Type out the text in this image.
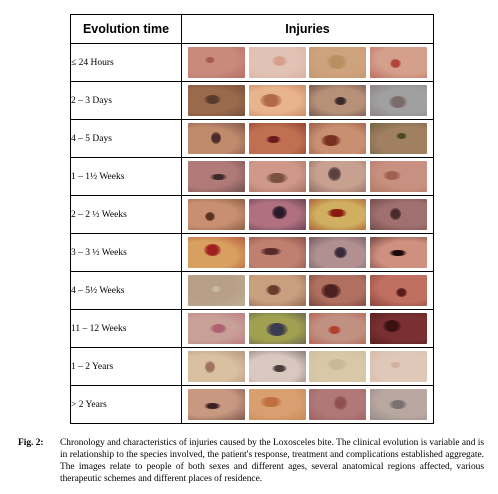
Evolution time	Injuries
≤ 24 Hours	

2 – 3 Days	

4 – 5 Days	

1 – 1½ Weeks	

2 – 2 ½ Weeks	

3 – 3 ½ Weeks	

4 – 5½ Weeks	

11 – 12 Weeks	

1 – 2 Years	

> 2 Years	
Fig. 2:	Chronology and characteristics of injuries caused by the Loxosceles bite. The clinical evolution is variable and is in relationship to the species involved, the patient's response, treatment and complications established aggregate. The images relate to people of both sexes and different ages, several anatomical regions affected, various therapeutic schemes and different places of residence.
